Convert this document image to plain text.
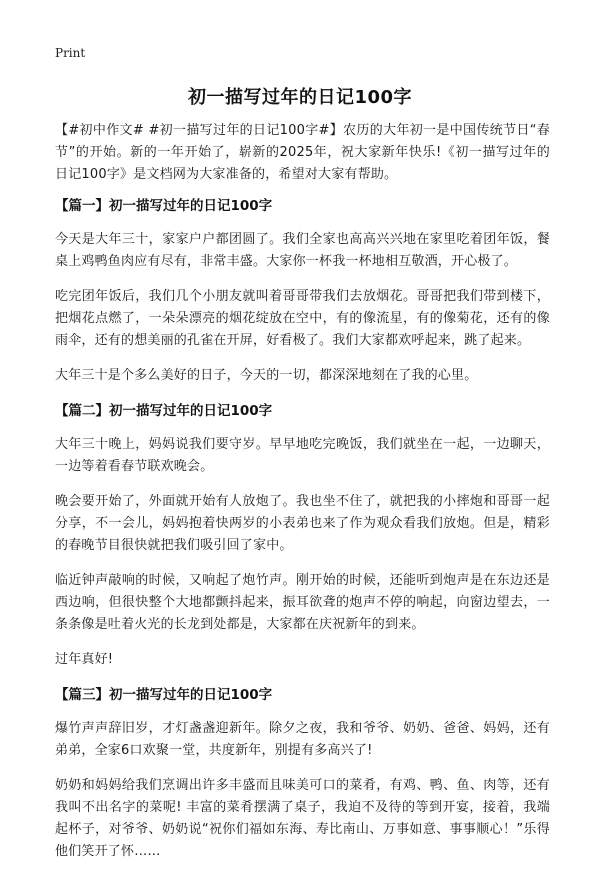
Print
初一描写过年的日记100字

【#初中作文# #初一描写过年的日记100字#】农历的大年初一是中国传统节日“春节”的开始。新的一年开始了，崭新的2025年，祝大家新年快乐!《初一描写过年的日记100字》是文档网为大家准备的，希望对大家有帮助。

【篇一】初一描写过年的日记100字

今天是大年三十，家家户户都团圆了。我们全家也高高兴兴地在家里吃着团年饭，餐桌上鸡鸭鱼肉应有尽有，非常丰盛。大家你一杯我一杯地相互敬酒，开心极了。

吃完团年饭后，我们几个小朋友就叫着哥哥带我们去放烟花。哥哥把我们带到楼下，把烟花点燃了，一朵朵漂亮的烟花绽放在空中，有的像流星，有的像菊花，还有的像雨伞，还有的想美丽的孔雀在开屏，好看极了。我们大家都欢呼起来，跳了起来。

大年三十是个多么美好的日子，今天的一切，都深深地刻在了我的心里。

【篇二】初一描写过年的日记100字

大年三十晚上，妈妈说我们要守岁。早早地吃完晚饭，我们就坐在一起，一边聊天，一边等着看春节联欢晚会。

晚会要开始了，外面就开始有人放炮了。我也坐不住了，就把我的小摔炮和哥哥一起分享，不一会儿，妈妈抱着快两岁的小表弟也来了作为观众看我们放炮。但是，精彩的春晚节目很快就把我们吸引回了家中。

临近钟声敲响的时候，又响起了炮竹声。刚开始的时候，还能听到炮声是在东边还是西边响，但很快整个大地都颤抖起来，振耳欲聋的炮声不停的响起，向窗边望去，一条条像是吐着火光的长龙到处都是，大家都在庆祝新年的到来。

过年真好!

【篇三】初一描写过年的日记100字

爆竹声声辞旧岁，才灯盏盏迎新年。除夕之夜，我和爷爷、奶奶、爸爸、妈妈，还有弟弟，全家6口欢聚一堂，共度新年，别提有多高兴了!

奶奶和妈妈给我们烹调出许多丰盛而且味美可口的菜肴，有鸡、鸭、鱼、肉等，还有我叫不出名字的菜呢! 丰富的菜肴摆满了桌子，我迫不及待的等到开宴，接着，我端起杯子，对爷爷、奶奶说“祝你们福如东海、寿比南山、万事如意、事事顺心！”乐得他们笑开了怀……
